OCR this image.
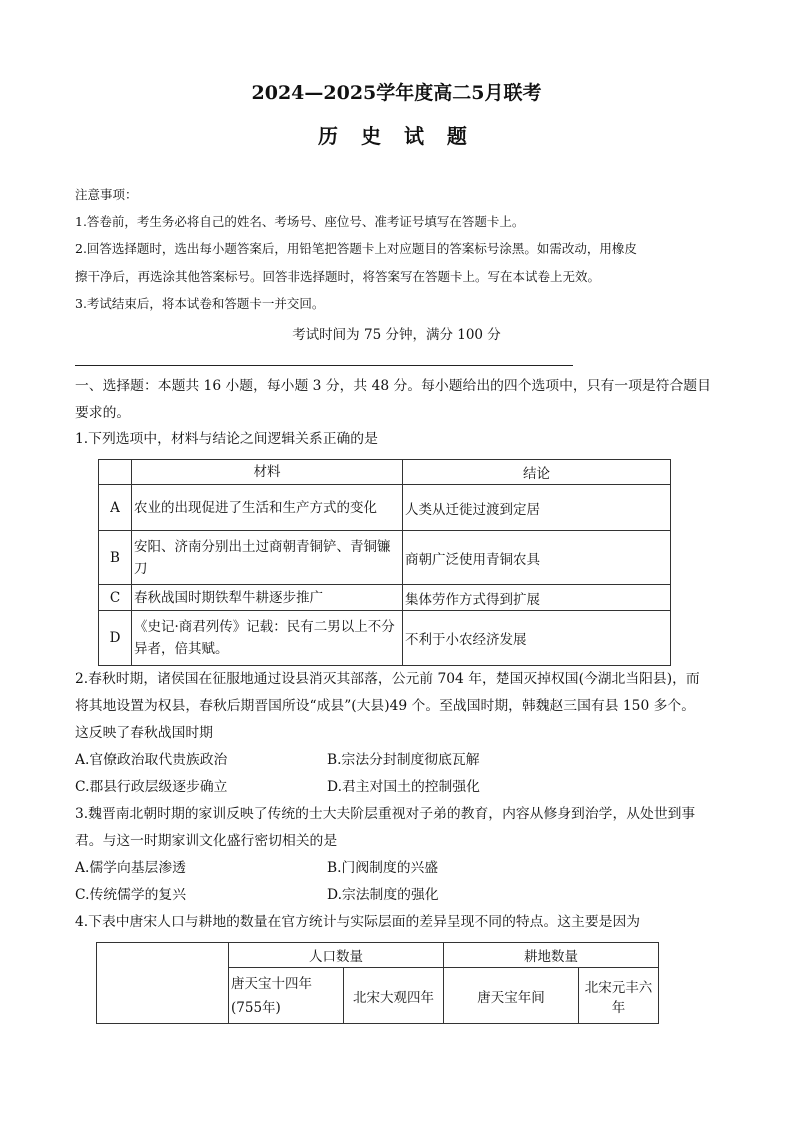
2024—2025学年度高二5月联考
历 史 试 题
注意事项：
1.答卷前，考生务必将自己的姓名、考场号、座位号、准考证号填写在答题卡上。
2.回答选择题时，选出每小题答案后，用铅笔把答题卡上对应题目的答案标号涂黑。如需改动，用橡皮
擦干净后，再选涂其他答案标号。回答非选择题时，将答案写在答题卡上。写在本试卷上无效。
3.考试结束后，将本试卷和答题卡一并交回。
考试时间为 75 分钟，满分 100 分
一、选择题：本题共 16 小题，每小题 3 分，共 48 分。每小题给出的四个选项中，只有一项是符合题目
要求的。
1.下列选项中，材料与结论之间逻辑关系正确的是
	材料	结论
A	农业的出现促进了生活和生产方式的变化	人类从迁徙过渡到定居
B	安阳、济南分别出土过商朝青铜铲、青铜镰刀	商朝广泛使用青铜农具
C	春秋战国时期铁犁牛耕逐步推广	集体劳作方式得到扩展
D	《史记·商君列传》记载：民有二男以上不分异者，倍其赋。	不利于小农经济发展
2.春秋时期，诸侯国在征服地通过设县消灭其部落，公元前 704 年，楚国灭掉权国(今湖北当阳县)，而
将其地设置为权县，春秋后期晋国所设“成县”(大县)49 个。至战国时期，韩魏赵三国有县 150 多个。
这反映了春秋战国时期
A.官僚政治取代贵族政治	B.宗法分封制度彻底瓦解
C.郡县行政层级逐步确立	D.君主对国土的控制强化
3.魏晋南北朝时期的家训反映了传统的士大夫阶层重视对子弟的教育，内容从修身到治学，从处世到事
君。与这一时期家训文化盛行密切相关的是
A.儒学向基层渗透	B.门阀制度的兴盛
C.传统儒学的复兴	D.宗法制度的强化
4.下表中唐宋人口与耕地的数量在官方统计与实际层面的差异呈现不同的特点。这主要是因为
	人口数量		耕地数量	
	唐天宝十四年
(755年)	北宋大观四年	唐天宝年间	北宋元丰六年
